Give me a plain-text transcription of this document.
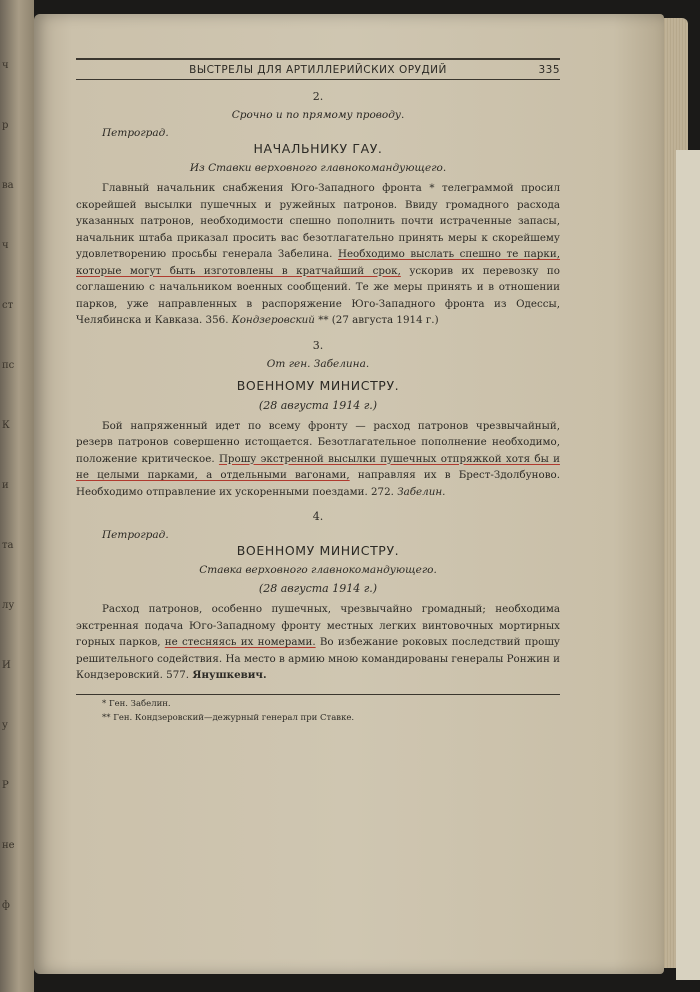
ч
р
ва
ч
ст
пс
К
и
та
лу
И
у
Р
не
ф
ВЫСТРЕЛЫ ДЛЯ АРТИЛЛЕРИЙСКИХ ОРУДИЙ	335
2.
Срочно и по прямому проводу.
Петроград.
НАЧАЛЬНИКУ ГАУ.
Из Ставки верховного главнокомандующего.
Главный начальник снабжения Юго-Западного фронта * телеграммой просил скорейшей высылки пушечных и ружейных патронов. Ввиду громадного расхода указанных патронов, необходимости спешно пополнить почти истраченные запасы, начальник штаба приказал просить вас безотлагательно принять меры к скорейшему удовлетворению просьбы генерала Забелина. Необходимо выслать спешно те парки, которые могут быть изготовлены в кратчайший срок, ускорив их перевозку по соглашению с начальником военных сообщений. Те же меры принять и в отношении парков, уже направленных в распоряжение Юго-Западного фронта из Одессы, Челябинска и Кавказа. 356. Кондзеровский ** (27 августа 1914 г.)
3.
От ген. Забелина.
ВОЕННОМУ МИНИСТРУ.
(28 августа 1914 г.)
Бой напряженный идет по всему фронту — расход патронов чрезвычайный, резерв патронов совершенно истощается. Безотлагательное пополнение необходимо, положение критическое. Прошу экстренной высылки пушечных отпряжкой хотя бы и не целыми парками, а отдельными вагонами, направляя их в Брест-Здолбуново. Необходимо отправление их ускоренными поездами. 272. Забелин.
4.
Петроград.
ВОЕННОМУ МИНИСТРУ.
Ставка верховного главнокомандующего.
(28 августа 1914 г.)
Расход патронов, особенно пушечных, чрезвычайно громадный; необходима экстренная подача Юго-Западному фронту местных легких винтовочных мортирных горных парков, не стесняясь их номерами. Во избежание роковых последствий прошу решительного содействия. На место в армию мною командированы генералы Ронжин и Кондзеровский. 577. Янушкевич.
* Ген. Забелин.
** Ген. Кондзеровский—дежурный генерал при Ставке.
